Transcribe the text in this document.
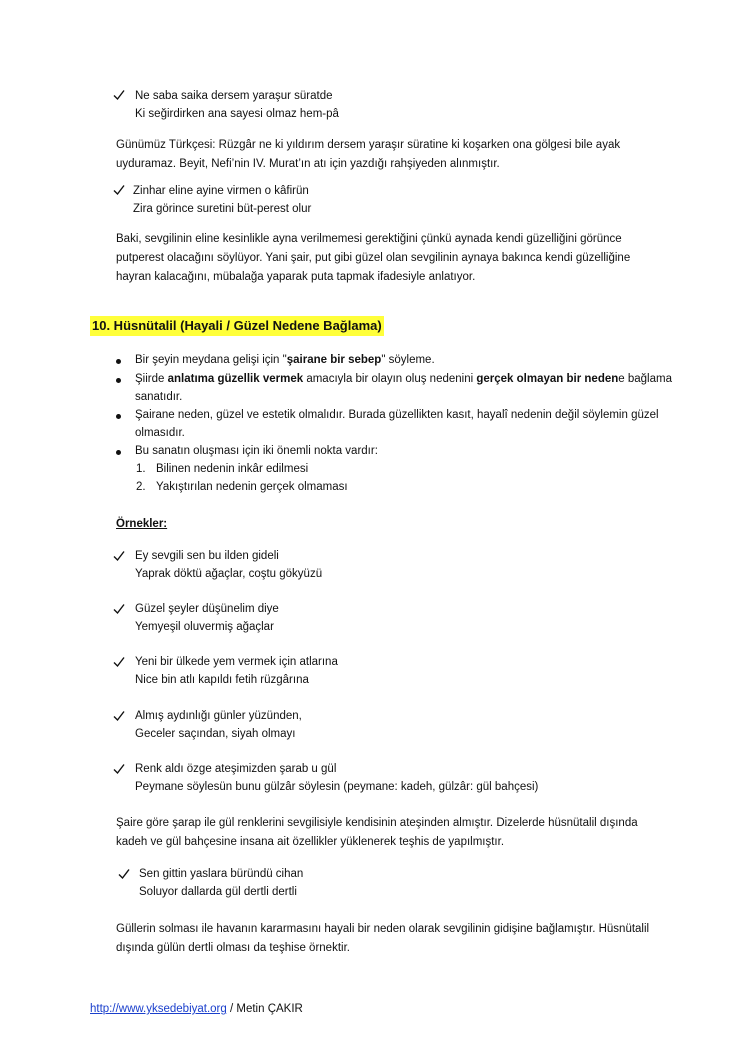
Ne saba saika dersem yaraşur süratde
Ki seğirdirken ana sayesi olmaz hem-pâ
Günümüz Türkçesi: Rüzgâr ne ki yıldırım dersem yaraşır süratine ki koşarken ona gölgesi bile ayak uyduramaz. Beyit, Nefi’nin IV. Murat’ın atı için yazdığı rahşiyeden alınmıştır.
Zinhar eline ayine virmen o kâfirün
Zira görince suretini büt-perest olur
Baki, sevgilinin eline kesinlikle ayna verilmemesi gerektiğini çünkü aynada kendi güzelliğini görünce putperest olacağını söylüyor. Yani şair, put gibi güzel olan sevgilinin aynaya bakınca kendi güzelliğine hayran kalacağını, mübalağa yaparak puta tapmak ifadesiyle anlatıyor.
10. Hüsnütalil (Hayali / Güzel Nedene Bağlama)
Bir şeyin meydana gelişi için "şairane bir sebep" söyleme.
Şiirde anlatıma güzellik vermek amacıyla bir olayın oluş nedenini gerçek olmayan bir nedene bağlama
sanatıdır.
Şairane neden, güzel ve estetik olmalıdır. Burada güzellikten kasıt, hayalî nedenin değil söylemin güzel
olmasıdır.
Bu sanatın oluşması için iki önemli nokta vardır:
1. Bilinen nedenin inkâr edilmesi
2. Yakıştırılan nedenin gerçek olmaması
Örnekler:
Ey sevgili sen bu ilden gideli
Yaprak döktü ağaçlar, coştu gökyüzü
Güzel şeyler düşünelim diye
Yemyeşil oluvermiş ağaçlar
Yeni bir ülkede yem vermek için atlarına
Nice bin atlı kapıldı fetih rüzgârına
Almış aydınlığı günler yüzünden,
Geceler saçından, siyah olmayı
Renk aldı özge ateşimizden şarab u gül
Peymane söylesün bunu gülzâr söylesin (peymane: kadeh, gülzâr: gül bahçesi)
Şaire göre şarap ile gül renklerini sevgilisiyle kendisinin ateşinden almıştır. Dizelerde hüsnütalil dışında kadeh ve gül bahçesine insana ait özellikler yüklenerek teşhis de yapılmıştır.
Sen gittin yaslara büründü cihan
Soluyor dallarda gül dertli dertli
Güllerin solması ile havanın kararmasını hayali bir neden olarak sevgilinin gidişine bağlamıştır. Hüsnütalil dışında gülün dertli olması da teşhise örnektir.
http://www.yksedebiyat.org / Metin ÇAKIR
